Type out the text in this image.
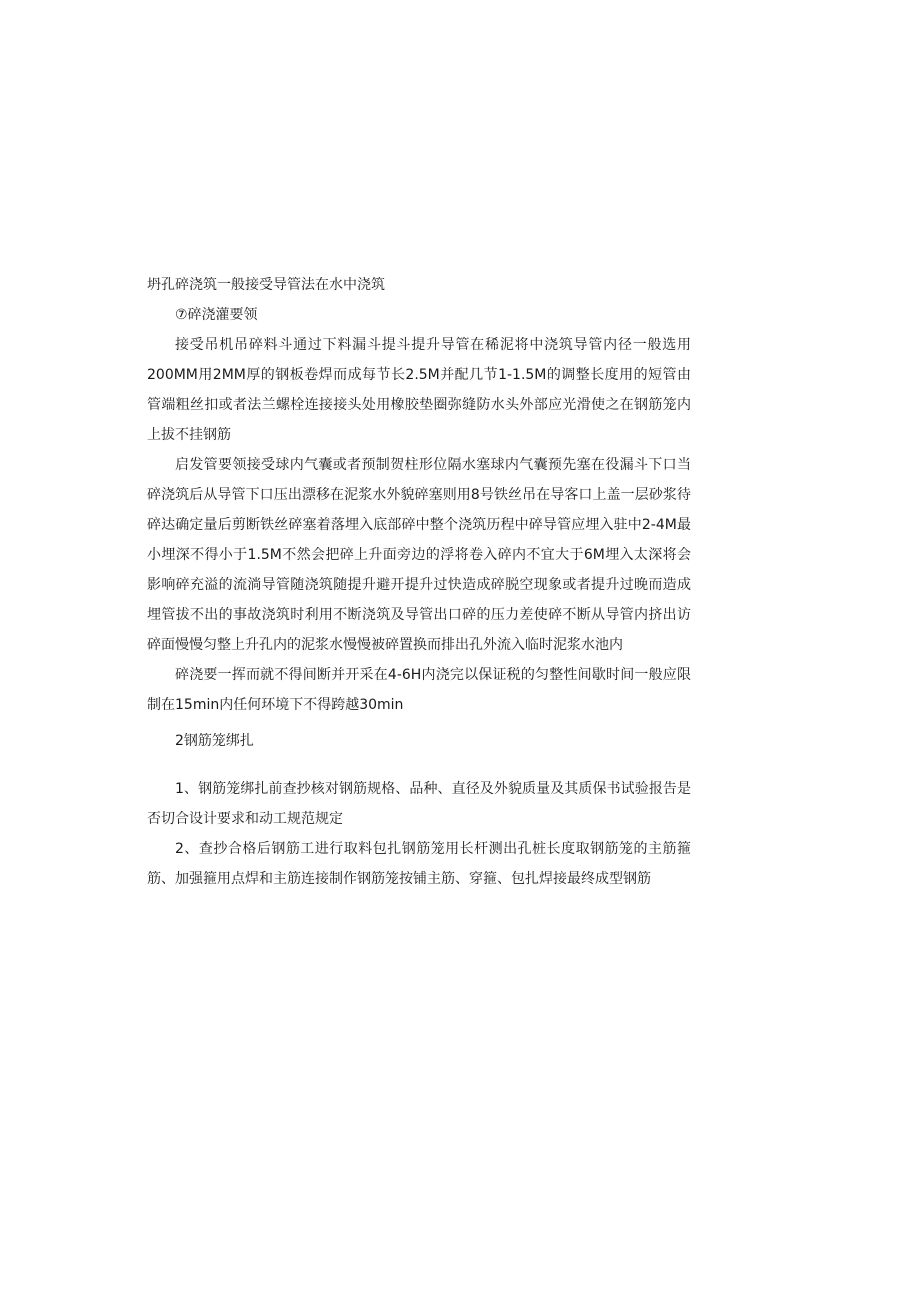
坍孔碎浇筑一般接受导管法在水中浇筑

⑦碎浇灌要领

接受吊机吊碎料斗通过下料漏斗提斗提升导管在稀泥将中浇筑导管内径一般选用200MM用2MM厚的钢板卷焊而成每节长2.5M并配几节1-1.5M的调整长度用的短管由管端粗丝扣或者法兰螺栓连接接头处用橡胶垫圈弥缝防水头外部应光滑使之在钢筋笼内上拔不挂钢筋

启发管要领接受球内气囊或者预制贺柱形位隔水塞球内气囊预先塞在役漏斗下口当碎浇筑后从导管下口压出漂移在泥浆水外貌碎塞则用8号铁丝吊在导客口上盖一层砂浆待碎达确定量后剪断铁丝碎塞着落埋入底部碎中整个浇筑历程中碎导管应埋入驻中2-4M最小埋深不得小于1.5M不然会把碎上升面旁边的浮将卷入碎内不宜大于6M埋入太深将会影响碎充溢的流淌导管随浇筑随提升避开提升过快造成碎脱空现象或者提升过晚而造成埋管拔不出的事故浇筑时利用不断浇筑及导管出口碎的压力差使碎不断从导管内挤出访碎面慢慢匀整上升孔内的泥浆水慢慢被碎置换而排出孔外流入临时泥浆水池内

碎浇要一挥而就不得间断并开采在4-6H内浇完以保证税的匀整性间歇时间一般应限制在15min内任何环境下不得跨越30min

2钢筋笼绑扎

1、钢筋笼绑扎前查抄核对钢筋规格、品种、直径及外貌质量及其质保书试验报告是否切合设计要求和动工规范规定

2、查抄合格后钢筋工进行取料包扎钢筋笼用长杆测出孔桩长度取钢筋笼的主筋箍筋、加强箍用点焊和主筋连接制作钢筋笼按铺主筋、穿箍、包扎焊接最终成型钢筋
